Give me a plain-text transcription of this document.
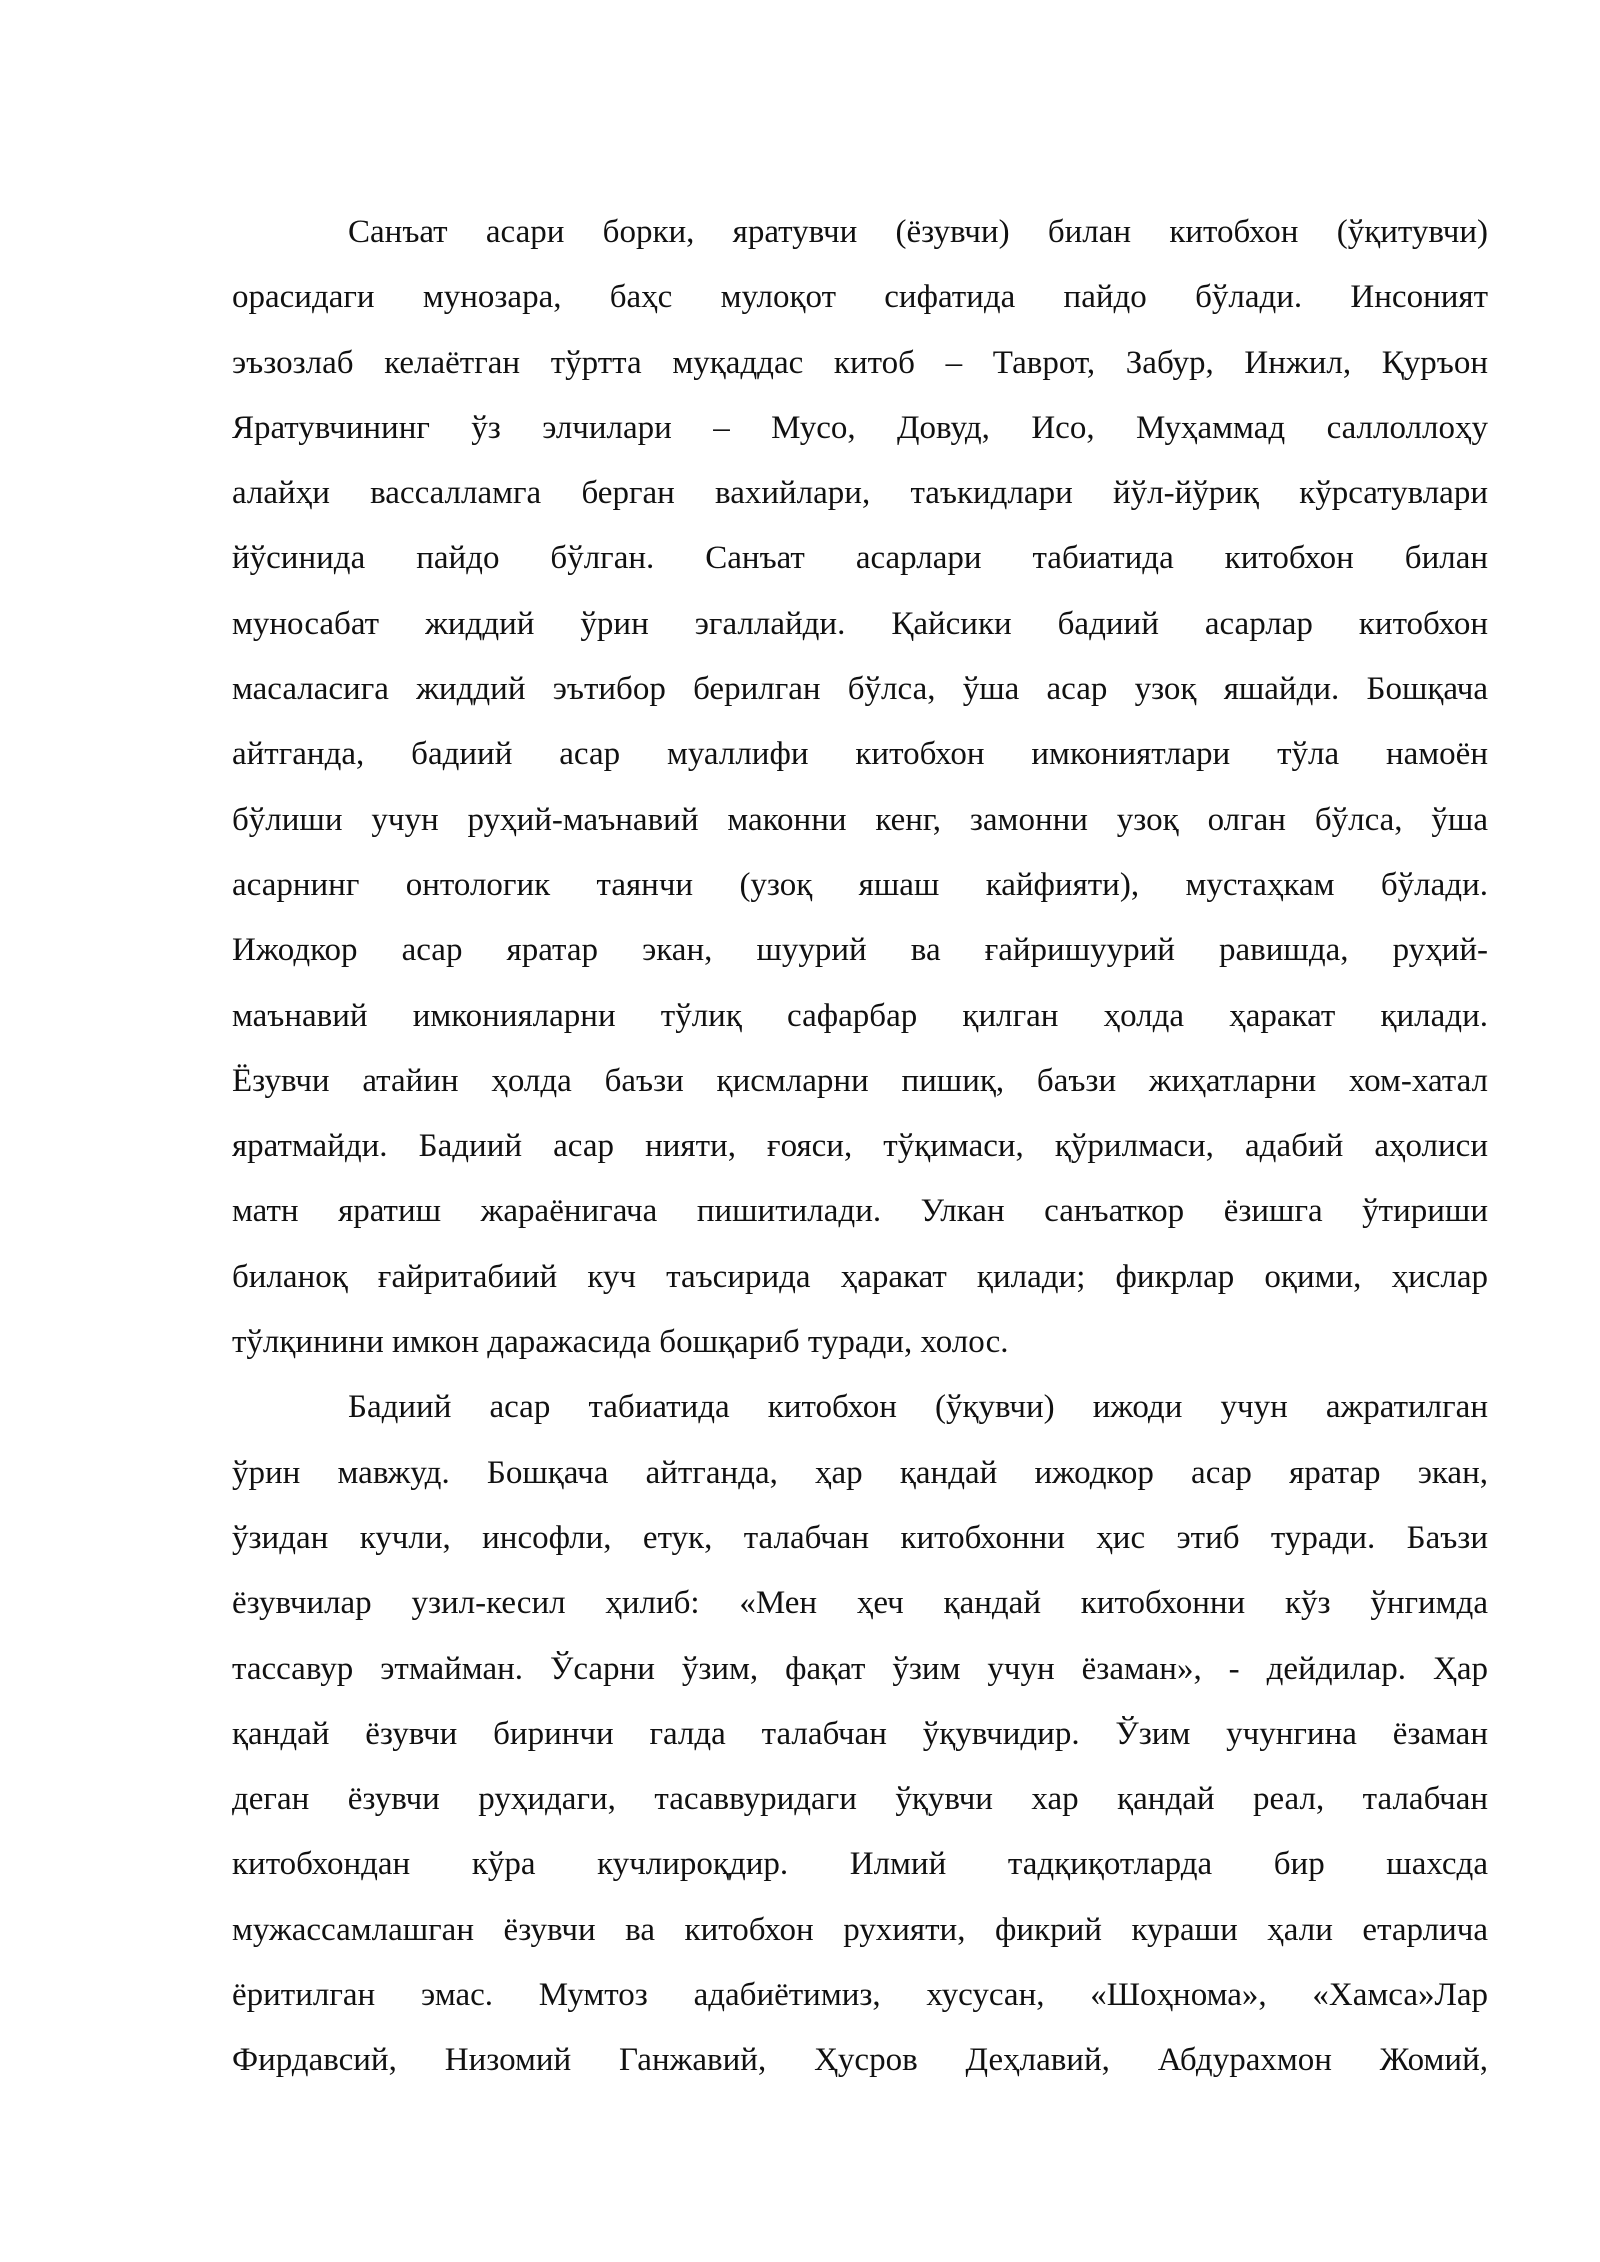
Санъат асари борки, яратувчи (ёзувчи) билан китобхон (ўқитувчи)
орасидаги мунозара, баҳс мулоқот сифатида пайдо бўлади. Инсоният
эъзозлаб келаётган тўртта муқаддас китоб – Таврот, Забур, Инжил, Қуръон
Яратувчининг ўз элчилари – Мусо, Довуд, Исо, Муҳаммад саллоллоҳу
алайҳи вассалламга берган вахийлари, таъкидлари йўл-йўриқ кўрсатувлари
йўсинида пайдо бўлган. Санъат асарлари табиатида китобхон билан
муносабат жиддий ўрин эгаллайди. Қайсики бадиий асарлар китобхон
масаласига жиддий эътибор берилган бўлса, ўша асар узоқ яшайди. Бошқача
айтганда, бадиий асар муаллифи китобхон имкониятлари тўла намоён
бўлиши учун руҳий-маънавий маконни кенг, замонни узоқ олган бўлса, ўша
асарнинг онтологик таянчи (узоқ яшаш кайфияти), мустаҳкам бўлади.
Ижодкор асар яратар экан, шуурий ва ғайришуурий равишда, руҳий-
маънавий имконияларни тўлиқ сафарбар қилган ҳолда ҳаракат қилади.
Ёзувчи атайин ҳолда баъзи қисмларни пишиқ, баъзи жиҳатларни хом-хатал
яратмайди. Бадиий асар нияти, ғояси, тўқимаси, қўрилмаси, адабий аҳолиси
матн яратиш жараёнигача пишитилади. Улкан санъаткор ёзишга ўтириши
биланоқ ғайритабиий куч таъсирида ҳаракат қилади; фикрлар оқими, ҳислар
тўлқинини имкон даражасида бошқариб туради, холос.
Бадиий асар табиатида китобхон (ўқувчи) ижоди учун ажратилган
ўрин мавжуд. Бошқача айтганда, ҳар қандай ижодкор асар яратар экан,
ўзидан кучли, инсофли, етук, талабчан китобхонни ҳис этиб туради. Баъзи
ёзувчилар узил-кесил ҳилиб: «Мен ҳеч қандай китобхонни кўз ўнгимда
тассавур этмайман. Ўсарни ўзим, фақат ўзим учун ёзаман», - дейдилар. Ҳар
қандай ёзувчи биринчи галда талабчан ўқувчидир. Ўзим учунгина ёзаман
деган ёзувчи руҳидаги, тасаввуридаги ўқувчи хар қандай реал, талабчан
китобхондан кўра кучлироқдир. Илмий тадқиқотларда бир шахсда
мужассамлашган ёзувчи ва китобхон рухияти, фикрий кураши ҳали етарлича
ёритилган эмас. Мумтоз адабиётимиз, хусусан, «Шоҳнома», «Хамса»Лар
Фирдавсий, Низомий Ганжавий, Ҳусров Деҳлавий, Абдурахмон Жомий,
